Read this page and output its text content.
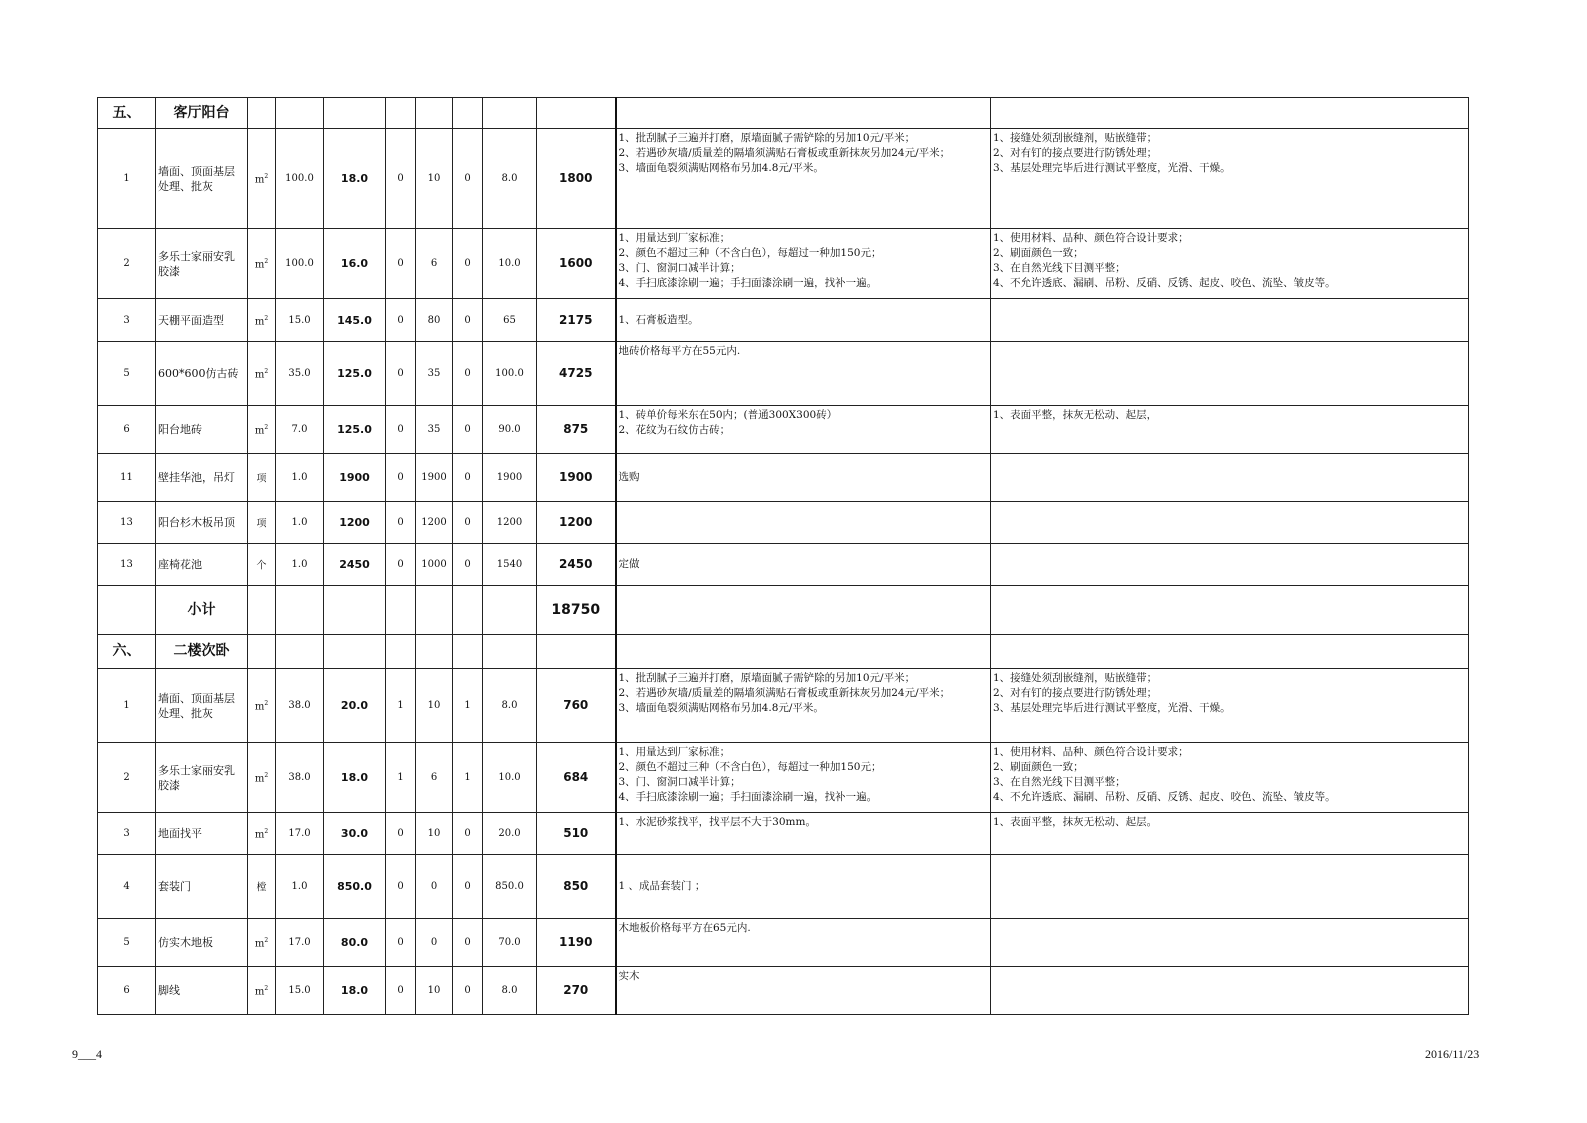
五、	客厅阳台										
1	墙面、顶面基层处理、批灰	$m^2$	100.0	18.0	0	10	0	8.0	1800	1、批刮腻子三遍并打磨，原墙面腻子需铲除的另加10元/平米；
2、若遇砂灰墙/质量差的隔墙须满贴石膏板或重新抹灰另加24元/平米；
3、墙面龟裂须满贴网格布另加4.8元/平米。	1、接缝处须刮嵌缝剂，贴嵌缝带；
2、对有钉的接点要进行防锈处理；
3、基层处理完毕后进行测试平整度，光滑、干燥。
2	多乐士家丽安乳胶漆	$m^2$	100.0	16.0	0	6	0	10.0	1600	1、用量达到厂家标准；
2、颜色不超过三种（不含白色），每超过一种加150元；
3、门、窗洞口减半计算；
4、手扫底漆涂刷一遍；手扫面漆涂刷一遍，找补一遍。	1、使用材料、品种、颜色符合设计要求；
2、刷面颜色一致；
3、在自然光线下目测平整；
4、不允许透底、漏刷、吊粉、反硝、反锈、起皮、咬色、流坠、皱皮等。
3	天棚平面造型	$m^2$	15.0	145.0	0	80	0	65	2175	1、石膏板造型。	
5	600*600仿古砖	$m^2$	35.0	125.0	0	35	0	100.0	4725	地砖价格每平方在55元内.	
6	阳台地砖	$m^2$	7.0	125.0	0	35	0	90.0	875	1、砖单价每米东在50内；(普通300X300砖）
2、花纹为石纹仿古砖；	1、表面平整，抹灰无松动、起层，
11	壁挂华池，吊灯	项	1.0	1900	0	1900	0	1900	1900	选购	
13	阳台杉木板吊顶	项	1.0	1200	0	1200	0	1200	1200		
13	座椅花池	个	1.0	2450	0	1000	0	1540	2450	定做	
	小计								18750		
六、	二楼次卧										
1	墙面、顶面基层处理、批灰	$m^2$	38.0	20.0	1	10	1	8.0	760	1、批刮腻子三遍并打磨，原墙面腻子需铲除的另加10元/平米；
2、若遇砂灰墙/质量差的隔墙须满贴石膏板或重新抹灰另加24元/平米；
3、墙面龟裂须满贴网格布另加4.8元/平米。	1、接缝处须刮嵌缝剂，贴嵌缝带；
2、对有钉的接点要进行防锈处理；
3、基层处理完毕后进行测试平整度，光滑、干燥。
2	多乐士家丽安乳胶漆	$m^2$	38.0	18.0	1	6	1	10.0	684	1、用量达到厂家标准；
2、颜色不超过三种（不含白色），每超过一种加150元；
3、门、窗洞口减半计算；
4、手扫底漆涂刷一遍；手扫面漆涂刷一遍，找补一遍。	1、使用材料、品种、颜色符合设计要求；
2、刷面颜色一致；
3、在自然光线下目测平整；
4、不允许透底、漏刷、吊粉、反硝、反锈、起皮、咬色、流坠、皱皮等。
3	地面找平	$m^2$	17.0	30.0	0	10	0	20.0	510	1、水泥砂浆找平，找平层不大于30mm。	1、表面平整，抹灰无松动、起层。
4	套装门	樘	1.0	850.0	0	0	0	850.0	850	1 、成品套装门 ；	
5	仿实木地板	$m^2$	17.0	80.0	0	0	0	70.0	1190	木地板价格每平方在65元内.	
6	脚线	$m^2$	15.0	18.0	0	10	0	8.0	270	实木	
9___4	2016/11/23
